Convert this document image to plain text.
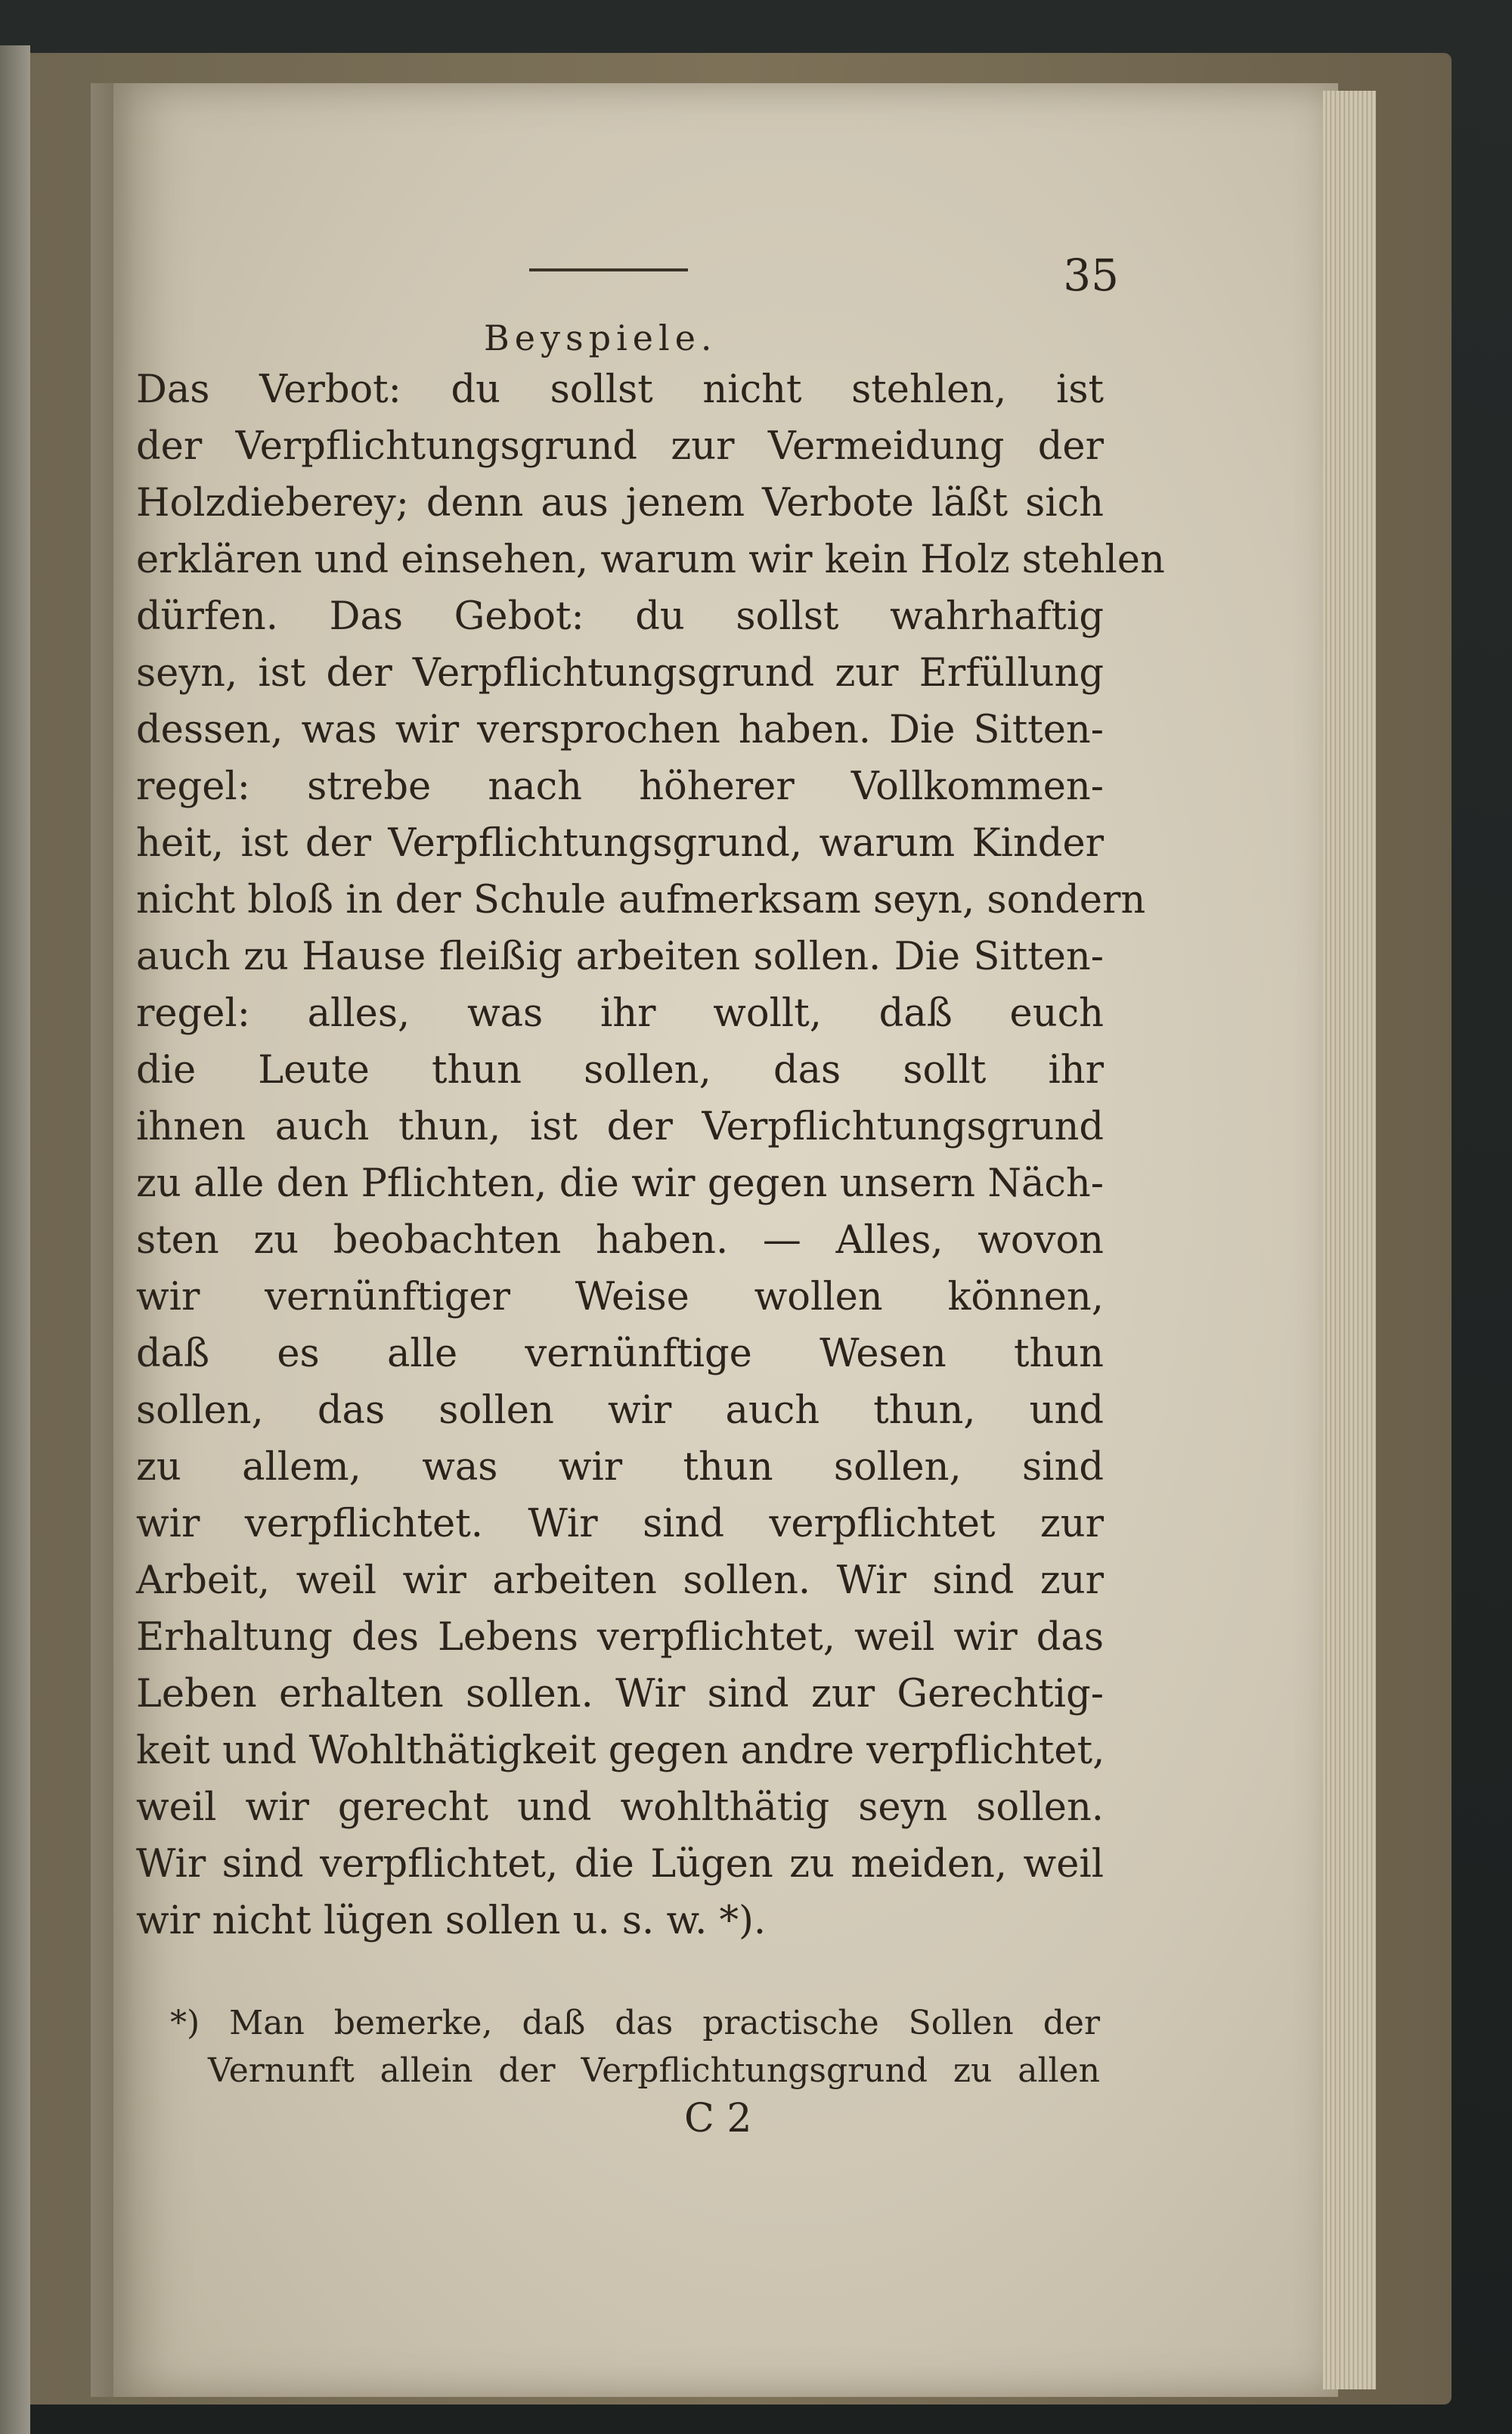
35
Beyspiele.
Das Verbot: du sollst nicht stehlen, ist
der Verpflichtungsgrund zur Vermeidung der
Holzdieberey; denn aus jenem Verbote läßt sich
erklären und einsehen, warum wir kein Holz stehlen
dürfen. Das Gebot: du sollst wahrhaftig
seyn, ist der Verpflichtungsgrund zur Erfüllung
dessen, was wir versprochen haben. Die Sitten-
regel: strebe nach höherer Vollkommen-
heit, ist der Verpflichtungsgrund, warum Kinder
nicht bloß in der Schule aufmerksam seyn, sondern
auch zu Hause fleißig arbeiten sollen. Die Sitten-
regel: alles, was ihr wollt, daß euch
die Leute thun sollen, das sollt ihr
ihnen auch thun, ist der Verpflichtungsgrund
zu alle den Pflichten, die wir gegen unsern Näch-
sten zu beobachten haben. — Alles, wovon
wir vernünftiger Weise wollen können,
daß es alle vernünftige Wesen thun
sollen, das sollen wir auch thun, und
zu allem, was wir thun sollen, sind
wir verpflichtet. Wir sind verpflichtet zur
Arbeit, weil wir arbeiten sollen. Wir sind zur
Erhaltung des Lebens verpflichtet, weil wir das
Leben erhalten sollen. Wir sind zur Gerechtig-
keit und Wohlthätigkeit gegen andre verpflichtet,
weil wir gerecht und wohlthätig seyn sollen.
Wir sind verpflichtet, die Lügen zu meiden, weil
wir nicht lügen sollen u. s. w. *).
*) Man bemerke, daß das practische Sollen der
Vernunft allein der Verpflichtungsgrund zu allen
C 2
